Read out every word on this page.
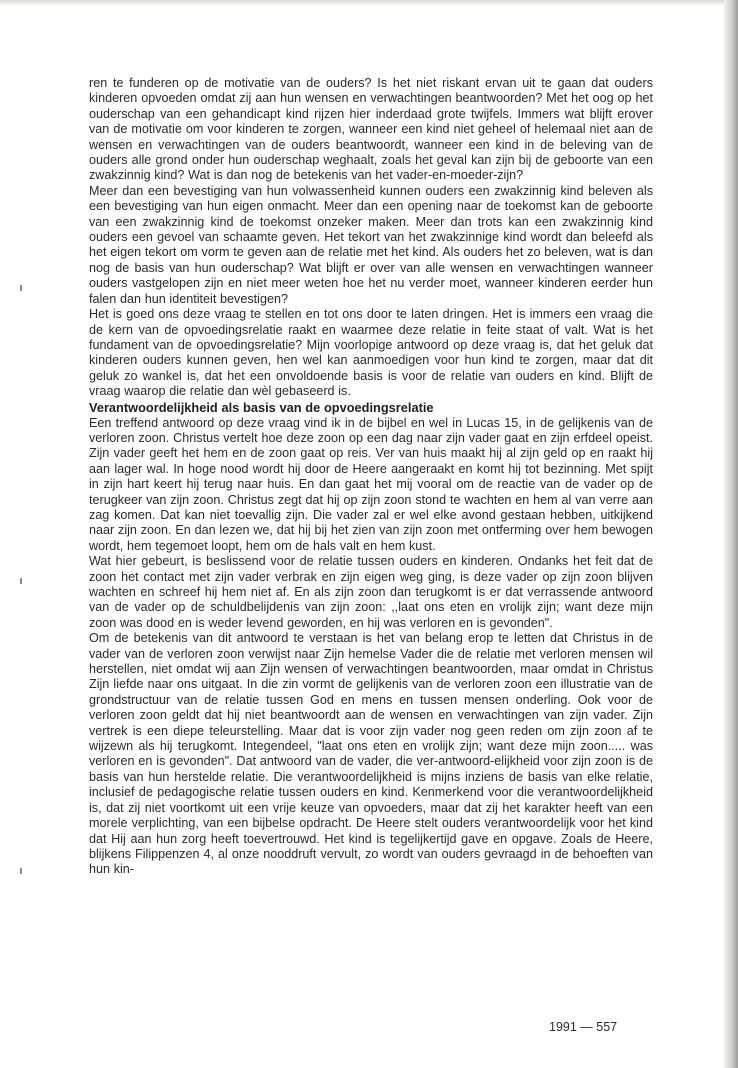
ren te funderen op de motivatie van de ouders? Is het niet riskant ervan uit te gaan dat ouders kinderen opvoeden omdat zij aan hun wensen en verwachtingen beantwoorden? Met het oog op het ouderschap van een gehandicapt kind rijzen hier inderdaad grote twijfels. Immers wat blijft erover van de motivatie om voor kinderen te zorgen, wanneer een kind niet geheel of helemaal niet aan de wensen en verwachtingen van de ouders beantwoordt, wanneer een kind in de beleving van de ouders alle grond onder hun ouderschap weghaalt, zoals het geval kan zijn bij de geboorte van een zwakzinnig kind? Wat is dan nog de betekenis van het vader-en-moeder-zijn?

Meer dan een bevestiging van hun volwassenheid kunnen ouders een zwakzinnig kind beleven als een bevestiging van hun eigen onmacht. Meer dan een opening naar de toekomst kan de geboorte van een zwakzinnig kind de toekomst onzeker maken. Meer dan trots kan een zwakzinnig kind ouders een gevoel van schaamte geven. Het tekort van het zwakzinnige kind wordt dan beleefd als het eigen tekort om vorm te geven aan de relatie met het kind. Als ouders het zo beleven, wat is dan nog de basis van hun ouderschap? Wat blijft er over van alle wensen en verwachtingen wanneer ouders vastgelopen zijn en niet meer weten hoe het nu verder moet, wanneer kinderen eerder hun falen dan hun identiteit bevestigen?

Het is goed ons deze vraag te stellen en tot ons door te laten dringen. Het is immers een vraag die de kern van de opvoedingsrelatie raakt en waarmee deze relatie in feite staat of valt. Wat is het fundament van de opvoedingsrelatie? Mijn voorlopige antwoord op deze vraag is, dat het geluk dat kinderen ouders kunnen geven, hen wel kan aanmoedigen voor hun kind te zorgen, maar dat dit geluk zo wankel is, dat het een onvoldoende basis is voor de relatie van ouders en kind. Blijft de vraag waarop die relatie dan wèl gebaseerd is.

Verantwoordelijkheid als basis van de opvoedingsrelatie

Een treffend antwoord op deze vraag vind ik in de bijbel en wel in Lucas 15, in de gelijkenis van de verloren zoon. Christus vertelt hoe deze zoon op een dag naar zijn vader gaat en zijn erfdeel opeist. Zijn vader geeft het hem en de zoon gaat op reis. Ver van huis maakt hij al zijn geld op en raakt hij aan lager wal. In hoge nood wordt hij door de Heere aangeraakt en komt hij tot bezinning. Met spijt in zijn hart keert hij terug naar huis. En dan gaat het mij vooral om de reactie van de vader op de terugkeer van zijn zoon. Christus zegt dat hij op zijn zoon stond te wachten en hem al van verre aan zag komen. Dat kan niet toevallig zijn. Die vader zal er wel elke avond gestaan hebben, uitkijkend naar zijn zoon. En dan lezen we, dat hij bij het zien van zijn zoon met ontferming over hem bewogen wordt, hem tegemoet loopt, hem om de hals valt en hem kust.

Wat hier gebeurt, is beslissend voor de relatie tussen ouders en kinderen. Ondanks het feit dat de zoon het contact met zijn vader verbrak en zijn eigen weg ging, is deze vader op zijn zoon blijven wachten en schreef hij hem niet af. En als zijn zoon dan terugkomt is er dat verrassende antwoord van de vader op de schuldbelijdenis van zijn zoon: ,,laat ons eten en vrolijk zijn; want deze mijn zoon was dood en is weder levend geworden, en hij was verloren en is gevonden".

Om de betekenis van dit antwoord te verstaan is het van belang erop te letten dat Christus in de vader van de verloren zoon verwijst naar Zijn hemelse Vader die de relatie met verloren mensen wil herstellen, niet omdat wij aan Zijn wensen of verwachtingen beantwoorden, maar omdat in Christus Zijn liefde naar ons uitgaat. In die zin vormt de gelijkenis van de verloren zoon een illustratie van de grondstructuur van de relatie tussen God en mens en tussen mensen onderling. Ook voor de verloren zoon geldt dat hij niet beantwoordt aan de wensen en verwachtingen van zijn vader. Zijn vertrek is een diepe teleurstelling. Maar dat is voor zijn vader nog geen reden om zijn zoon af te wijzewn als hij terugkomt. Integendeel, "laat ons eten en vrolijk zijn; want deze mijn zoon..... was verloren en is gevonden". Dat antwoord van de vader, die ver-antwoord-elijkheid voor zijn zoon is de basis van hun herstelde relatie. Die verantwoordelijkheid is mijns inziens de basis van elke relatie, inclusief de pedagogische relatie tussen ouders en kind. Kenmerkend voor die verantwoordelijkheid is, dat zij niet voortkomt uit een vrije keuze van opvoeders, maar dat zij het karakter heeft van een morele verplichting, van een bijbelse opdracht. De Heere stelt ouders verantwoordelijk voor het kind dat Hij aan hun zorg heeft toevertrouwd. Het kind is tegelijkertijd gave en opgave. Zoals de Heere, blijkens Filippenzen 4, al onze nooddruft vervult, zo wordt van ouders gevraagd in de behoeften van hun kin-

1991 — 557
